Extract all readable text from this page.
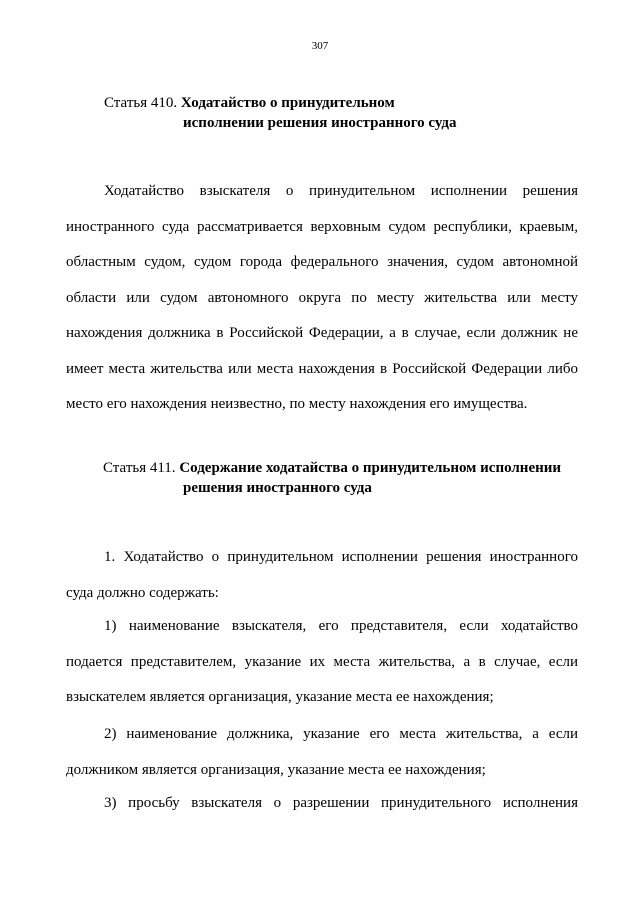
307
Статья 410. Ходатайство о принудительном
исполнении решения иностранного суда

Ходатайство взыскателя о принудительном исполнении решения
иностранного суда рассматривается верховным судом республики, краевым,
областным судом, судом города федерального значения, судом автономной
области или судом автономного округа по месту жительства или месту
нахождения должника в Российской Федерации, а в случае, если должник не
имеет места жительства или места нахождения в Российской Федерации либо
место его нахождения неизвестно, по месту нахождения его имущества.

Статья 411. Содержание ходатайства о принудительном исполнении
решения иностранного суда

1. Ходатайство о принудительном исполнении решения иностранного
суда должно содержать:

1) наименование взыскателя, его представителя, если ходатайство
подается представителем, указание их места жительства, а в случае, если
взыскателем является организация, указание места ее нахождения;

2) наименование должника, указание его места жительства, а если
должником является организация, указание места ее нахождения;

3) просьбу взыскателя о разрешении принудительного исполнения
